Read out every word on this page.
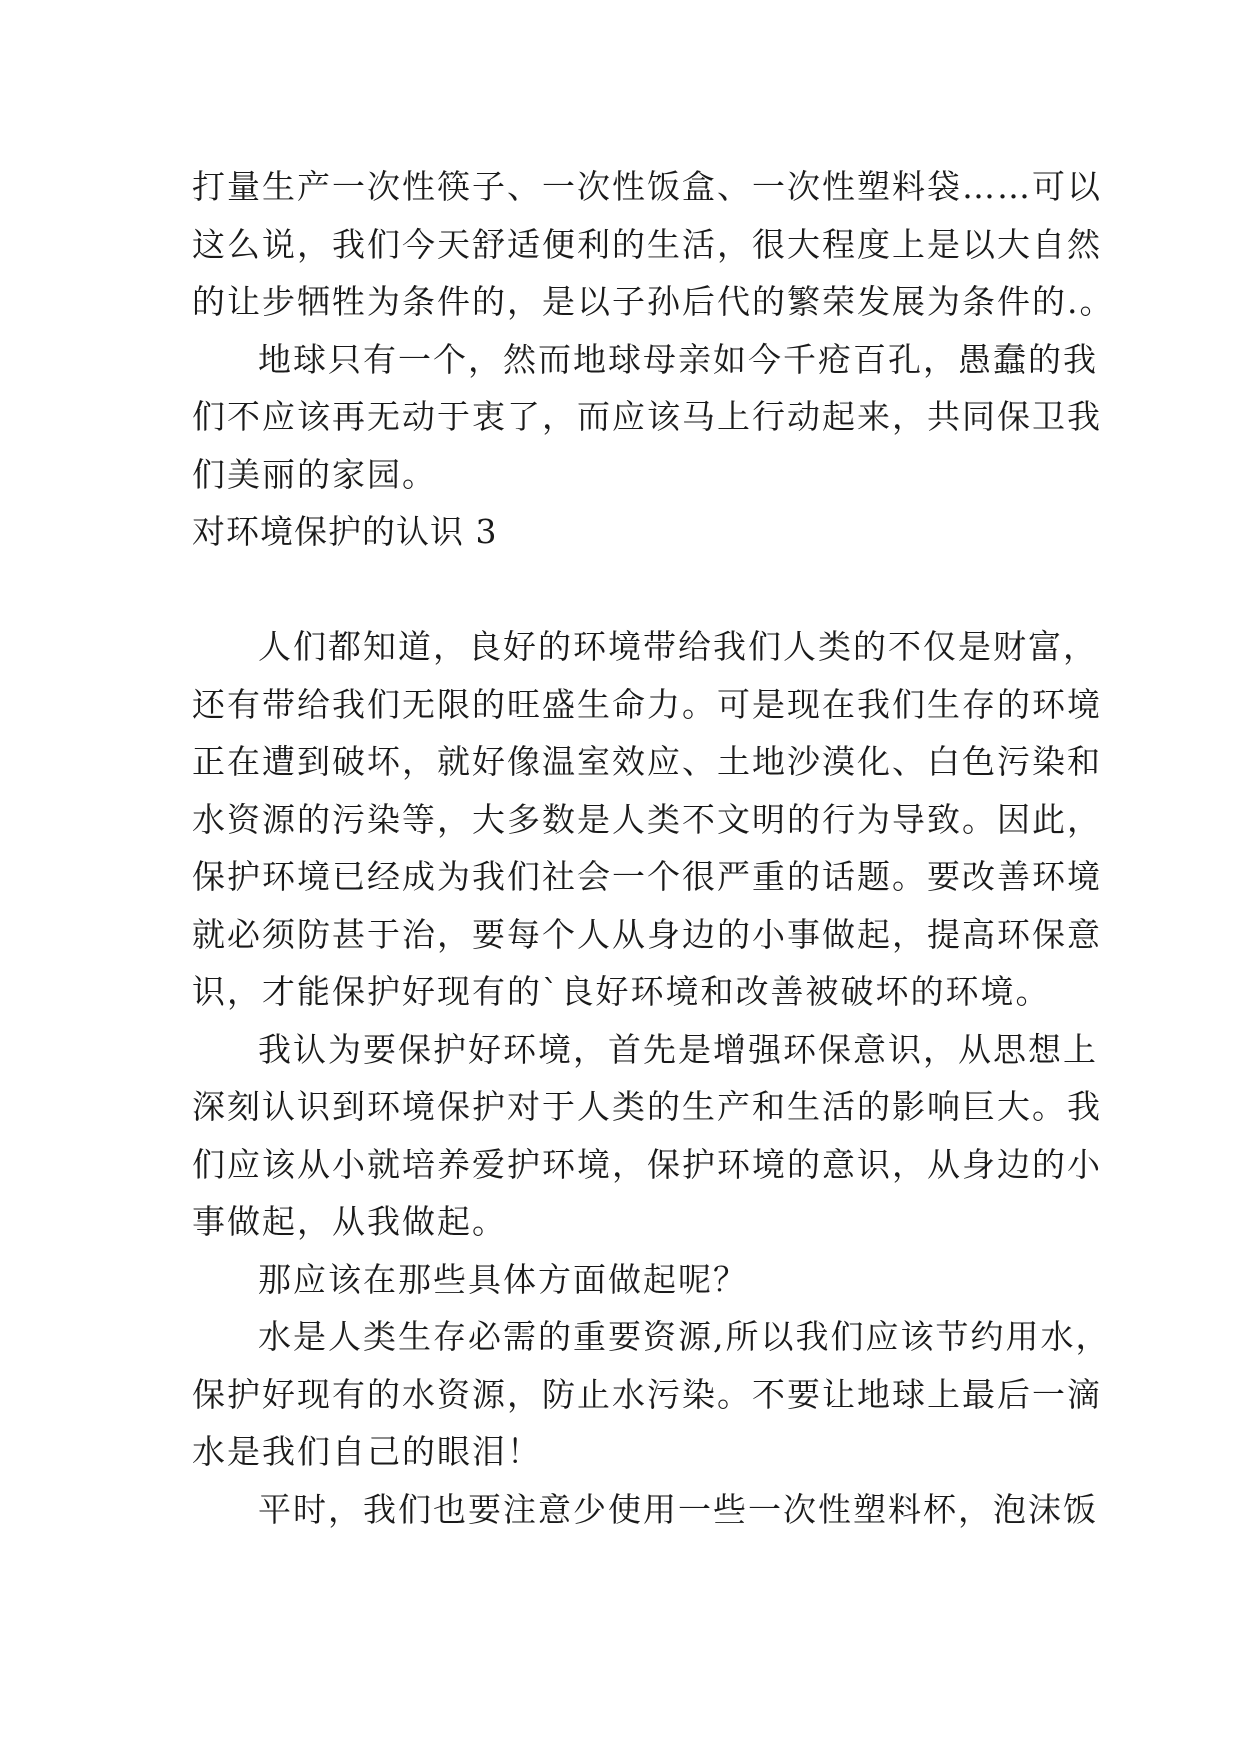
打量生产一次性筷子、一次性饭盒、一次性塑料袋……可以
这么说，我们今天舒适便利的生活，很大程度上是以大自然
的让步牺牲为条件的，是以子孙后代的繁荣发展为条件的.。
地球只有一个，然而地球母亲如今千疮百孔，愚蠢的我
们不应该再无动于衷了，而应该马上行动起来，共同保卫我
们美丽的家园。
对环境保护的认识 3
人们都知道，良好的环境带给我们人类的不仅是财富，
还有带给我们无限的旺盛生命力。可是现在我们生存的环境
正在遭到破坏，就好像温室效应、土地沙漠化、白色污染和
水资源的污染等，大多数是人类不文明的行为导致。因此，
保护环境已经成为我们社会一个很严重的话题。要改善环境
就必须防甚于治，要每个人从身边的小事做起，提高环保意
识，才能保护好现有的`良好环境和改善被破坏的环境。
我认为要保护好环境，首先是增强环保意识，从思想上
深刻认识到环境保护对于人类的生产和生活的影响巨大。我
们应该从小就培养爱护环境，保护环境的意识，从身边的小
事做起，从我做起。
那应该在那些具体方面做起呢？
水是人类生存必需的重要资源,所以我们应该节约用水，
保护好现有的水资源，防止水污染。不要让地球上最后一滴
水是我们自己的眼泪！
平时，我们也要注意少使用一些一次性塑料杯，泡沫饭
